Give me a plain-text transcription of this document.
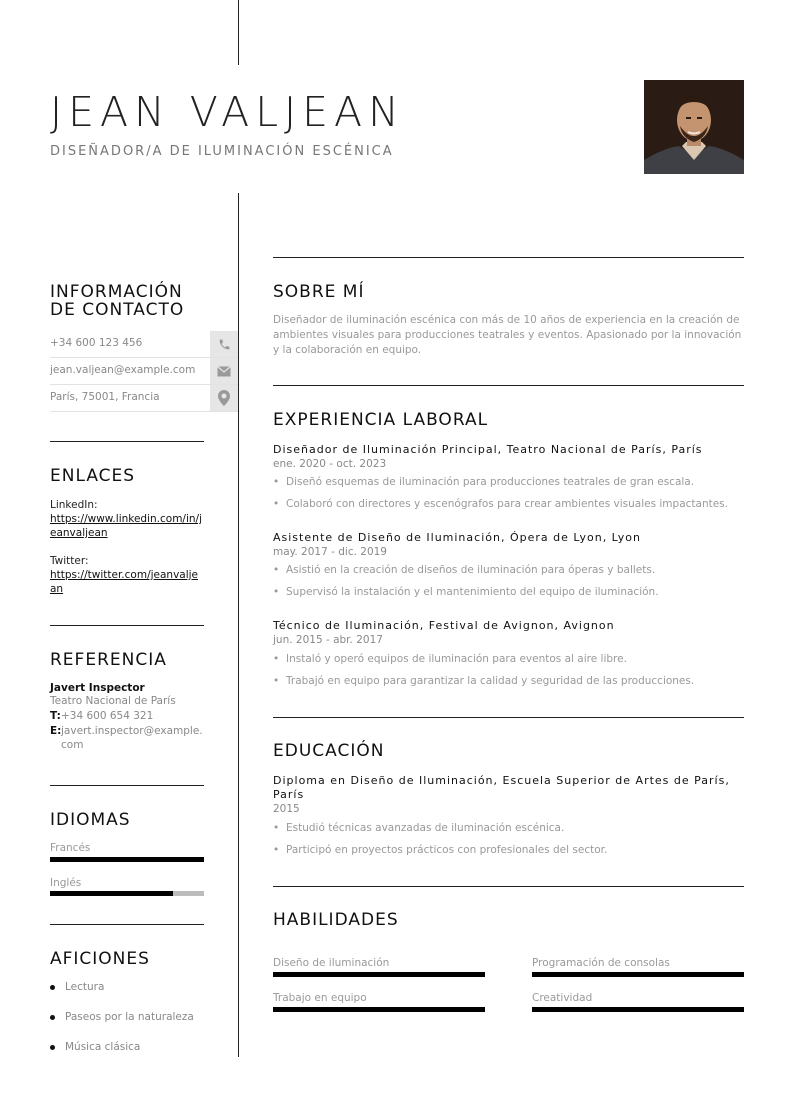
JEAN VALJEAN
DISEÑADOR/A DE ILUMINACIÓN ESCÉNICA
INFORMACIÓN
DE CONTACTO
+34 600 123 456
jean.valjean@example.com
París, 75001, Francia
ENLACES
LinkedIn:
https://www.linkedin.com/in/jeanvaljean
Twitter:
https://twitter.com/jeanvaljean
REFERENCIA
Javert Inspector
Teatro Nacional de París
T: +34 600 654 321
E: javert.inspector@example.com
IDIOMAS
Francés
Inglés
AFICIONES
Lectura
Paseos por la naturaleza
Música clásica
SOBRE MÍ
Diseñador de iluminación escénica con más de 10 años de experiencia en la creación de ambientes visuales para producciones teatrales y eventos. Apasionado por la innovación y la colaboración en equipo.
EXPERIENCIA LABORAL
Diseñador de Iluminación Principal, Teatro Nacional de París, París
ene. 2020 - oct. 2023
• Diseñó esquemas de iluminación para producciones teatrales de gran escala.
• Colaboró con directores y escenógrafos para crear ambientes visuales impactantes.
Asistente de Diseño de Iluminación, Ópera de Lyon, Lyon
may. 2017 - dic. 2019
• Asistió en la creación de diseños de iluminación para óperas y ballets.
• Supervisó la instalación y el mantenimiento del equipo de iluminación.
Técnico de Iluminación, Festival de Avignon, Avignon
jun. 2015 - abr. 2017
• Instaló y operó equipos de iluminación para eventos al aire libre.
• Trabajó en equipo para garantizar la calidad y seguridad de las producciones.
EDUCACIÓN
Diploma en Diseño de Iluminación, Escuela Superior de Artes de París, París
2015
• Estudió técnicas avanzadas de iluminación escénica.
• Participó en proyectos prácticos con profesionales del sector.
HABILIDADES
Diseño de iluminación	Programación de consolas
Trabajo en equipo	Creatividad
